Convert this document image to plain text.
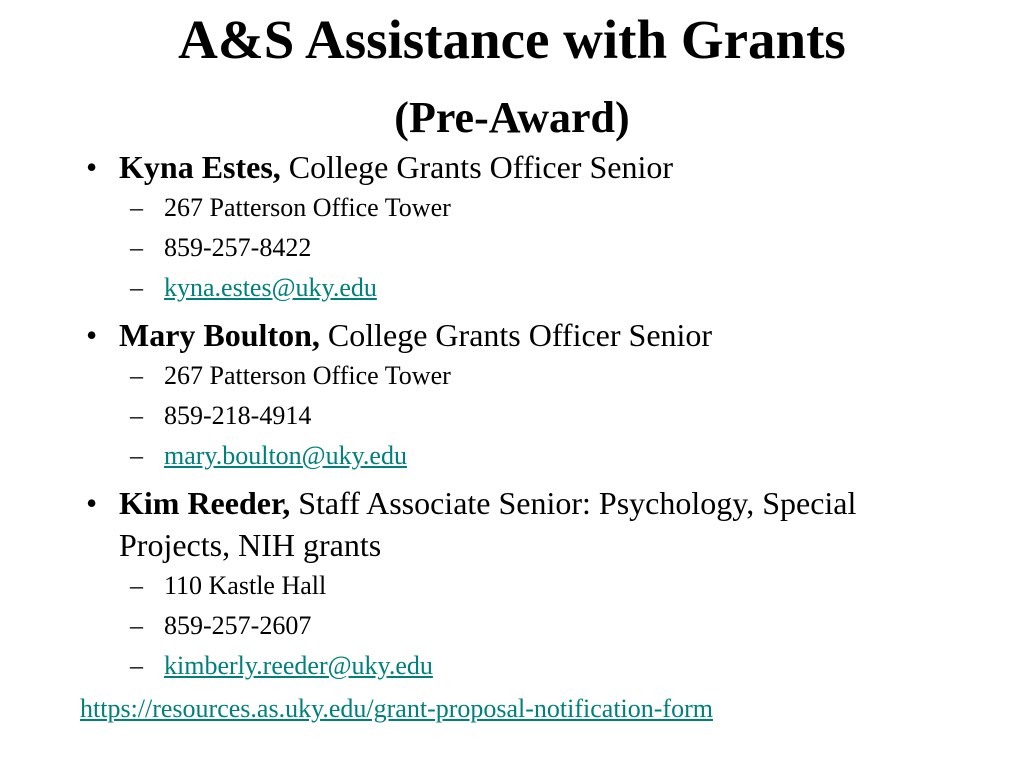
A&S Assistance with Grants
(Pre-Award)
• Kyna Estes, College Grants Officer Senior
– 267 Patterson Office Tower
– 859-257-8422
– kyna.estes@uky.edu
• Mary Boulton, College Grants Officer Senior
– 267 Patterson Office Tower
– 859-218-4914
– mary.boulton@uky.edu
• Kim Reeder, Staff Associate Senior: Psychology, Special Projects, NIH grants
– 110 Kastle Hall
– 859-257-2607
– kimberly.reeder@uky.edu
https://resources.as.uky.edu/grant-proposal-notification-form
